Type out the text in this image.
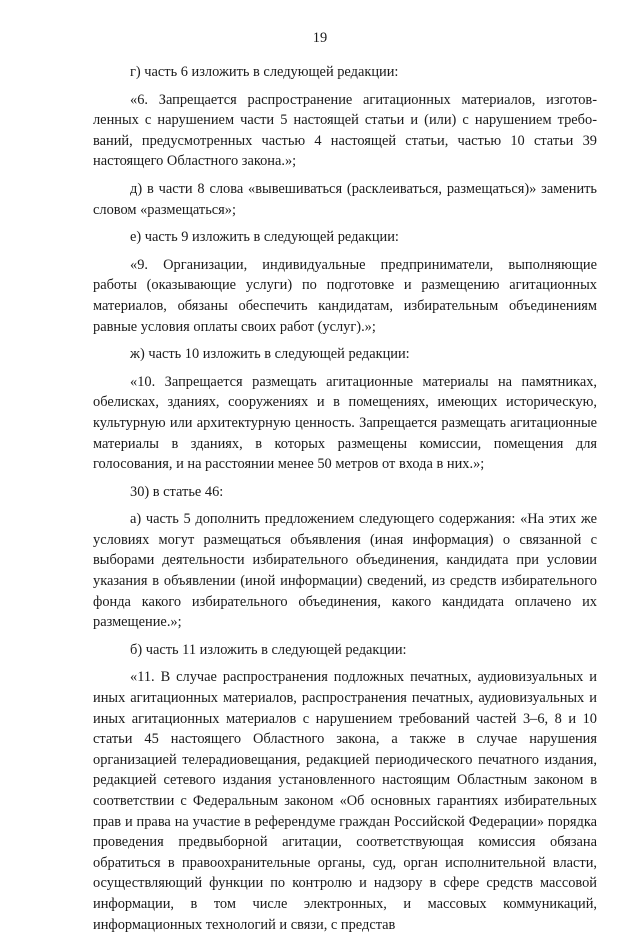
19

г) часть 6 изложить в следующей редакции:

«6. Запрещается распространение агитационных материалов, изготовленных с нарушением части 5 настоящей статьи и (или) с нарушением требований, предусмотренных частью 4 настоящей статьи, частью 10 статьи 39 настоящего Областного закона.»;

д) в части 8 слова «вывешиваться (расклеиваться, размещаться)» заменить словом «размещаться»;

е) часть 9 изложить в следующей редакции:

«9. Организации, индивидуальные предприниматели, выполняющие работы (оказывающие услуги) по подготовке и размещению агитационных материалов, обязаны обеспечить кандидатам, избирательным объединениям равные условия оплаты своих работ (услуг).»;

ж) часть 10 изложить в следующей редакции:

«10. Запрещается размещать агитационные материалы на памятниках, обелисках, зданиях, сооружениях и в помещениях, имеющих историческую, культурную или архитектурную ценность. Запрещается размещать агитационные материалы в зданиях, в которых размещены комиссии, помещения для голосования, и на расстоянии менее 50 метров от входа в них.»;

30) в статье 46:

а) часть 5 дополнить предложением следующего содержания: «На этих же условиях могут размещаться объявления (иная информация) о связанной с выборами деятельности избирательного объединения, кандидата при условии указания в объявлении (иной информации) сведений, из средств избирательного фонда какого избирательного объединения, какого кандидата оплачено их размещение.»;

б) часть 11 изложить в следующей редакции:

«11. В случае распространения подложных печатных, аудиовизуальных и иных агитационных материалов, распространения печатных, аудиовизуальных и иных агитационных материалов с нарушением требований частей 3–6, 8 и 10 статьи 45 настоящего Областного закона, а также в случае нарушения организацией телерадиовещания, редакцией периодического печатного издания, редакцией сетевого издания установленного настоящим Областным законом в соответствии с Федеральным законом «Об основных гарантиях избирательных прав и права на участие в референдуме граждан Российской Федерации» порядка проведения предвыборной агитации, соответствующая комиссия обязана обратиться в правоохранительные органы, суд, орган исполнительной власти, осуществляющий функции по контролю и надзору в сфере средств массовой информации, в том числе электронных, и массовых коммуникаций, информационных технологий и связи, с представ
